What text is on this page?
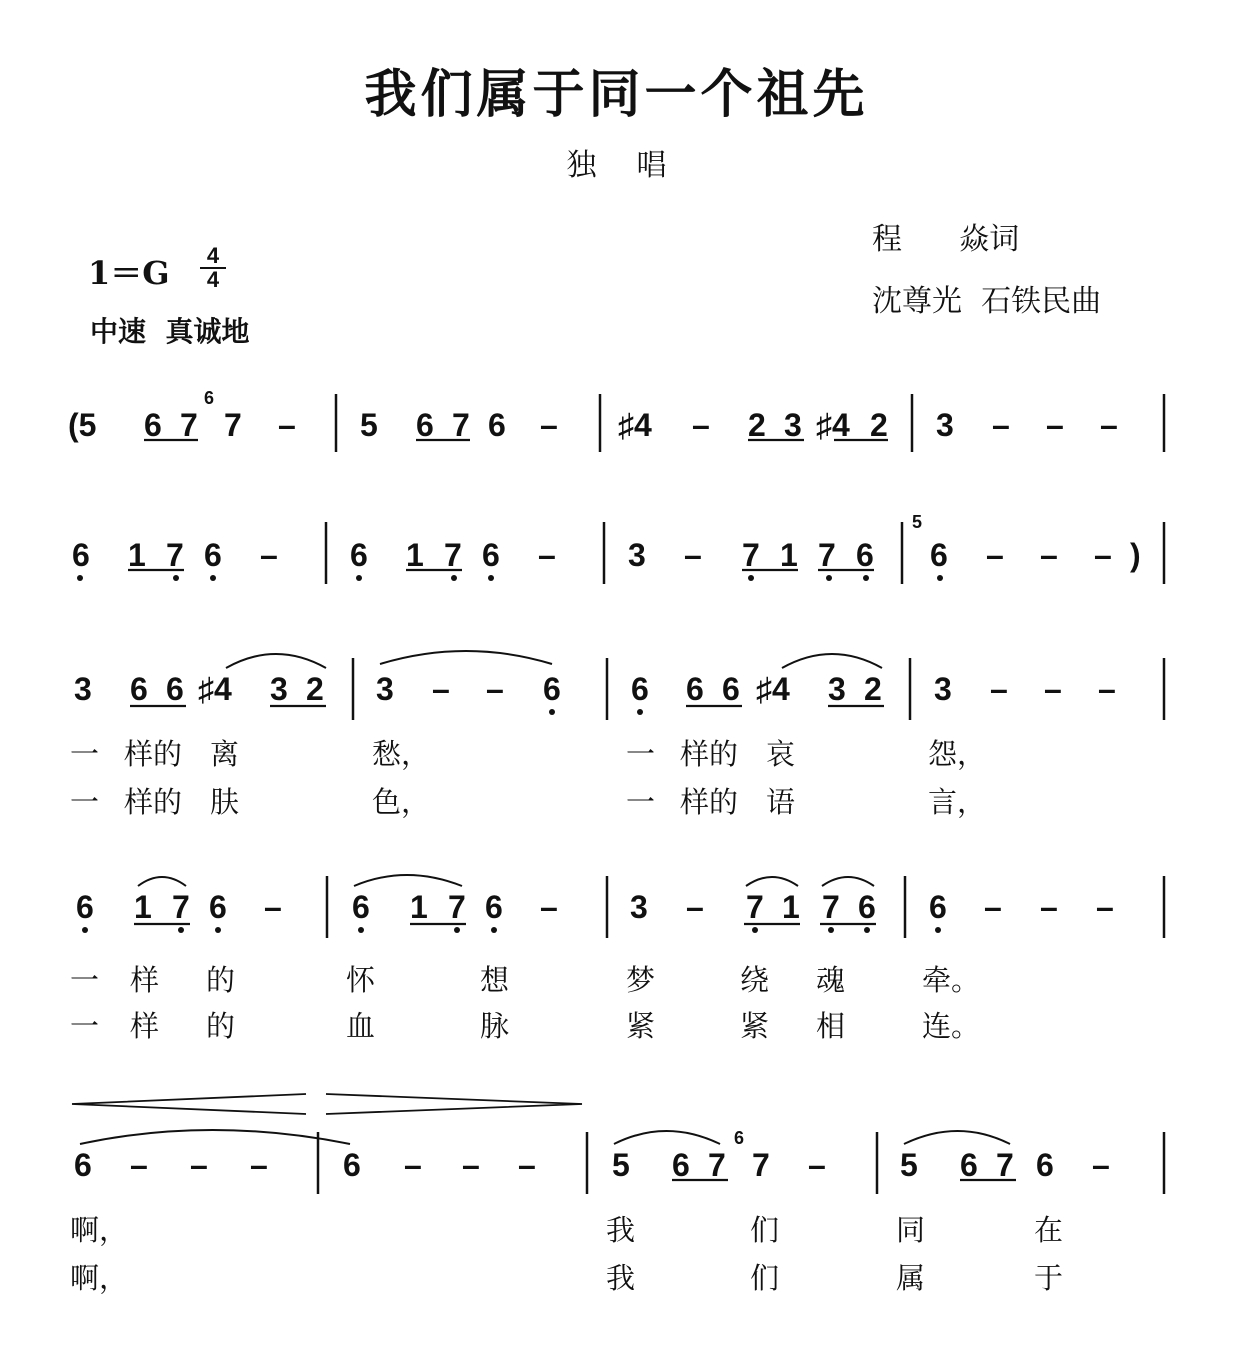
我们属于同一个祖先
独唱
程      焱词
沈尊光  石铁民曲
1＝G	4
4
中速  真诚地
6
5
6
(5 6 7 7 – 5 6 7 6 – ♯4 – 2 3 ♯4 2 3 – – –
6 1 7 6 – 6 1 7 6 – 3 – 7 1 7 6 6 – – – )
3 6 6 ♯4 3 2 3 – – 6 6 6 6 ♯4 3 2 3 – – –
6 1 7 6 – 6 1 7 6 – 3 – 7 1 7 6 6 – – –
6 – – – 6 – – – 5 6 7 7 – 5 6 7 6 –
一 样的 离	愁，	一 样的 哀	怨，
一 样的 肤	色，	一 样的 语	言，
一 样 的	怀	想	梦	绕 魂	牵。
一 样 的	血	脉	紧	紧 相	连。
啊，	我	们	同	在
啊，	我	们	属	于
